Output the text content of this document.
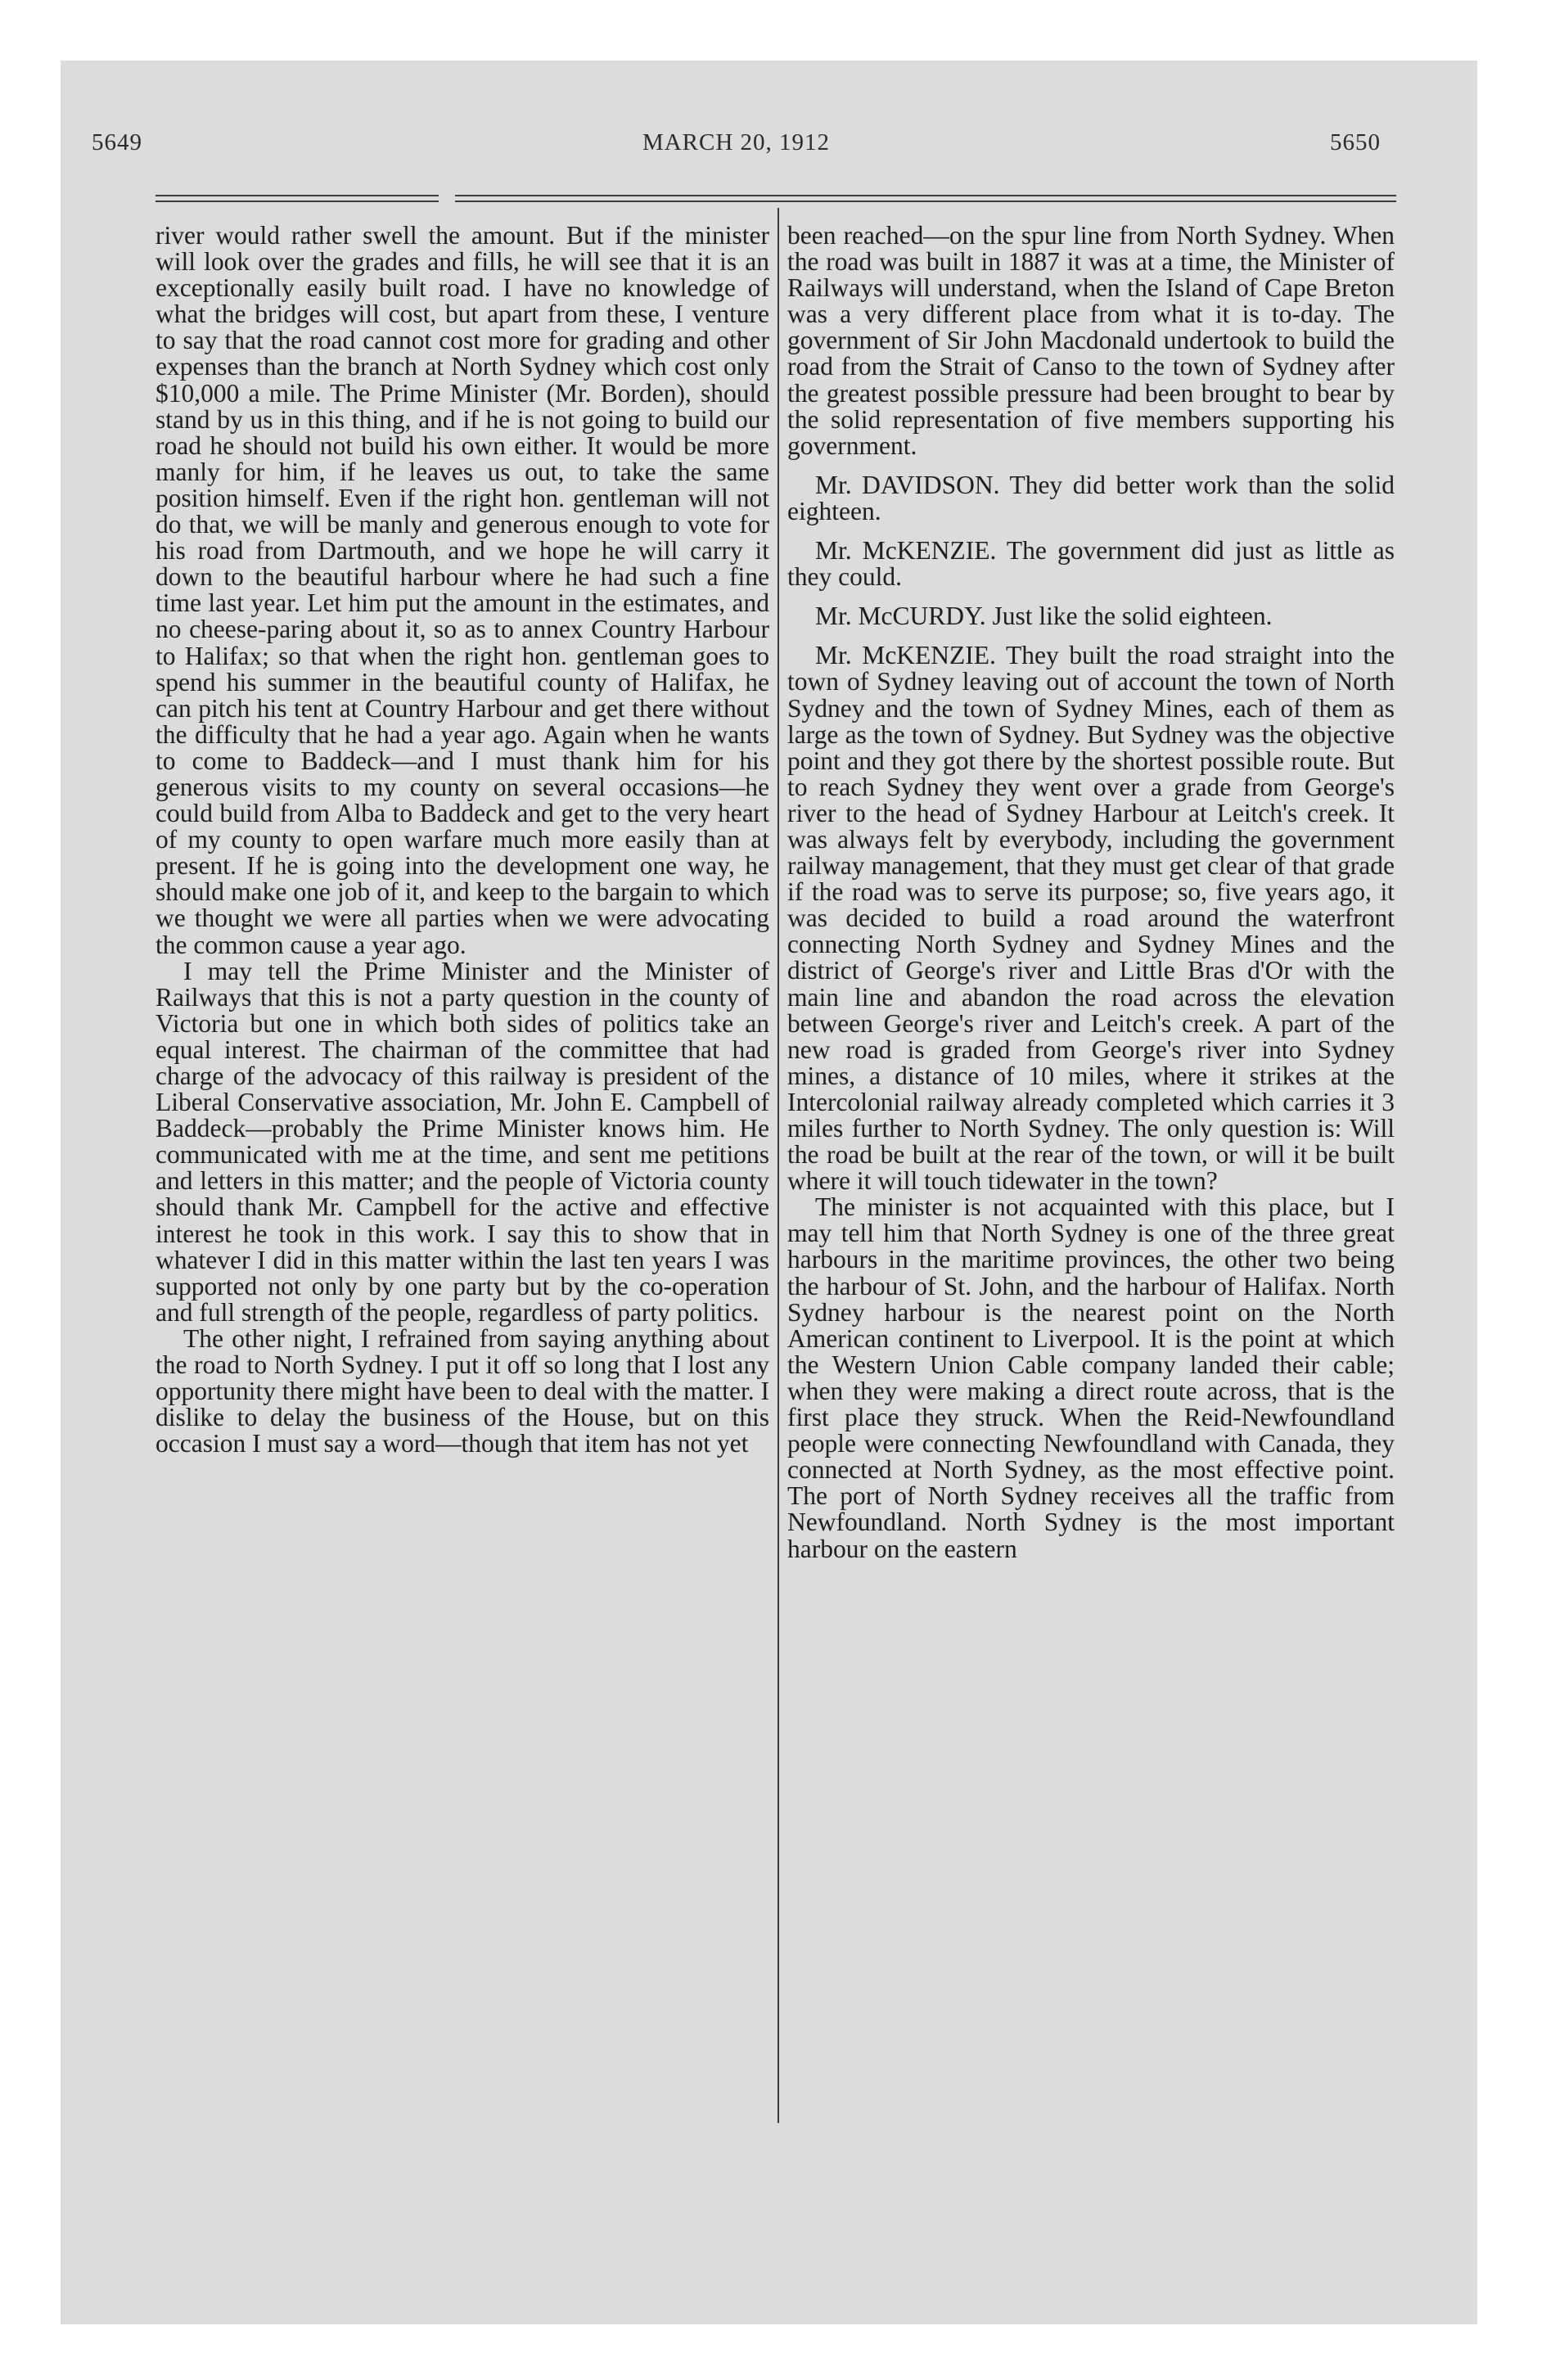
5649	MARCH 20, 1912	5650

river would rather swell the amount. But if the minister will look over the grades and fills, he will see that it is an exceptionally easily built road. I have no knowledge of what the bridges will cost, but apart from these, I venture to say that the road cannot cost more for grading and other expenses than the branch at North Sydney which cost only $10,000 a mile. The Prime Minister (Mr. Borden), should stand by us in this thing, and if he is not going to build our road he should not build his own either. It would be more manly for him, if he leaves us out, to take the same position himself. Even if the right hon. gentleman will not do that, we will be manly and generous enough to vote for his road from Dartmouth, and we hope he will carry it down to the beautiful harbour where he had such a fine time last year. Let him put the amount in the estimates, and no cheese-paring about it, so as to annex Country Harbour to Halifax; so that when the right hon. gentleman goes to spend his summer in the beautiful county of Halifax, he can pitch his tent at Country Harbour and get there without the difficulty that he had a year ago. Again when he wants to come to Baddeck—and I must thank him for his generous visits to my county on several occasions—he could build from Alba to Baddeck and get to the very heart of my county to open warfare much more easily than at present. If he is going into the development one way, he should make one job of it, and keep to the bargain to which we thought we were all parties when we were advocating the common cause a year ago.

I may tell the Prime Minister and the Minister of Railways that this is not a party question in the county of Victoria but one in which both sides of politics take an equal interest. The chairman of the committee that had charge of the advocacy of this railway is president of the Liberal Conservative association, Mr. John E. Campbell of Baddeck—probably the Prime Minister knows him. He communicated with me at the time, and sent me petitions and letters in this matter; and the people of Victoria county should thank Mr. Campbell for the active and effective interest he took in this work. I say this to show that in whatever I did in this matter within the last ten years I was supported not only by one party but by the co-operation and full strength of the people, regardless of party politics.

The other night, I refrained from saying anything about the road to North Sydney. I put it off so long that I lost any opportunity there might have been to deal with the matter. I dislike to delay the business of the House, but on this occasion I must say a word—though that item has not yet

been reached—on the spur line from North Sydney. When the road was built in 1887 it was at a time, the Minister of Railways will understand, when the Island of Cape Breton was a very different place from what it is to-day. The government of Sir John Macdonald undertook to build the road from the Strait of Canso to the town of Sydney after the greatest possible pressure had been brought to bear by the solid representation of five members supporting his government.

Mr. DAVIDSON. They did better work than the solid eighteen.

Mr. McKENZIE. The government did just as little as they could.

Mr. McCURDY. Just like the solid eighteen.

Mr. McKENZIE. They built the road straight into the town of Sydney leaving out of account the town of North Sydney and the town of Sydney Mines, each of them as large as the town of Sydney. But Sydney was the objective point and they got there by the shortest possible route. But to reach Sydney they went over a grade from George's river to the head of Sydney Harbour at Leitch's creek. It was always felt by everybody, including the government railway management, that they must get clear of that grade if the road was to serve its purpose; so, five years ago, it was decided to build a road around the waterfront connecting North Sydney and Sydney Mines and the district of George's river and Little Bras d'Or with the main line and abandon the road across the elevation between George's river and Leitch's creek. A part of the new road is graded from George's river into Sydney mines, a distance of 10 miles, where it strikes at the Intercolonial railway already completed which carries it 3 miles further to North Sydney. The only question is: Will the road be built at the rear of the town, or will it be built where it will touch tidewater in the town?

The minister is not acquainted with this place, but I may tell him that North Sydney is one of the three great harbours in the maritime provinces, the other two being the harbour of St. John, and the harbour of Halifax. North Sydney harbour is the nearest point on the North American continent to Liverpool. It is the point at which the Western Union Cable company landed their cable; when they were making a direct route across, that is the first place they struck. When the Reid-Newfoundland people were connecting Newfoundland with Canada, they connected at North Sydney, as the most effective point. The port of North Sydney receives all the traffic from Newfoundland. North Sydney is the most important harbour on the eastern
